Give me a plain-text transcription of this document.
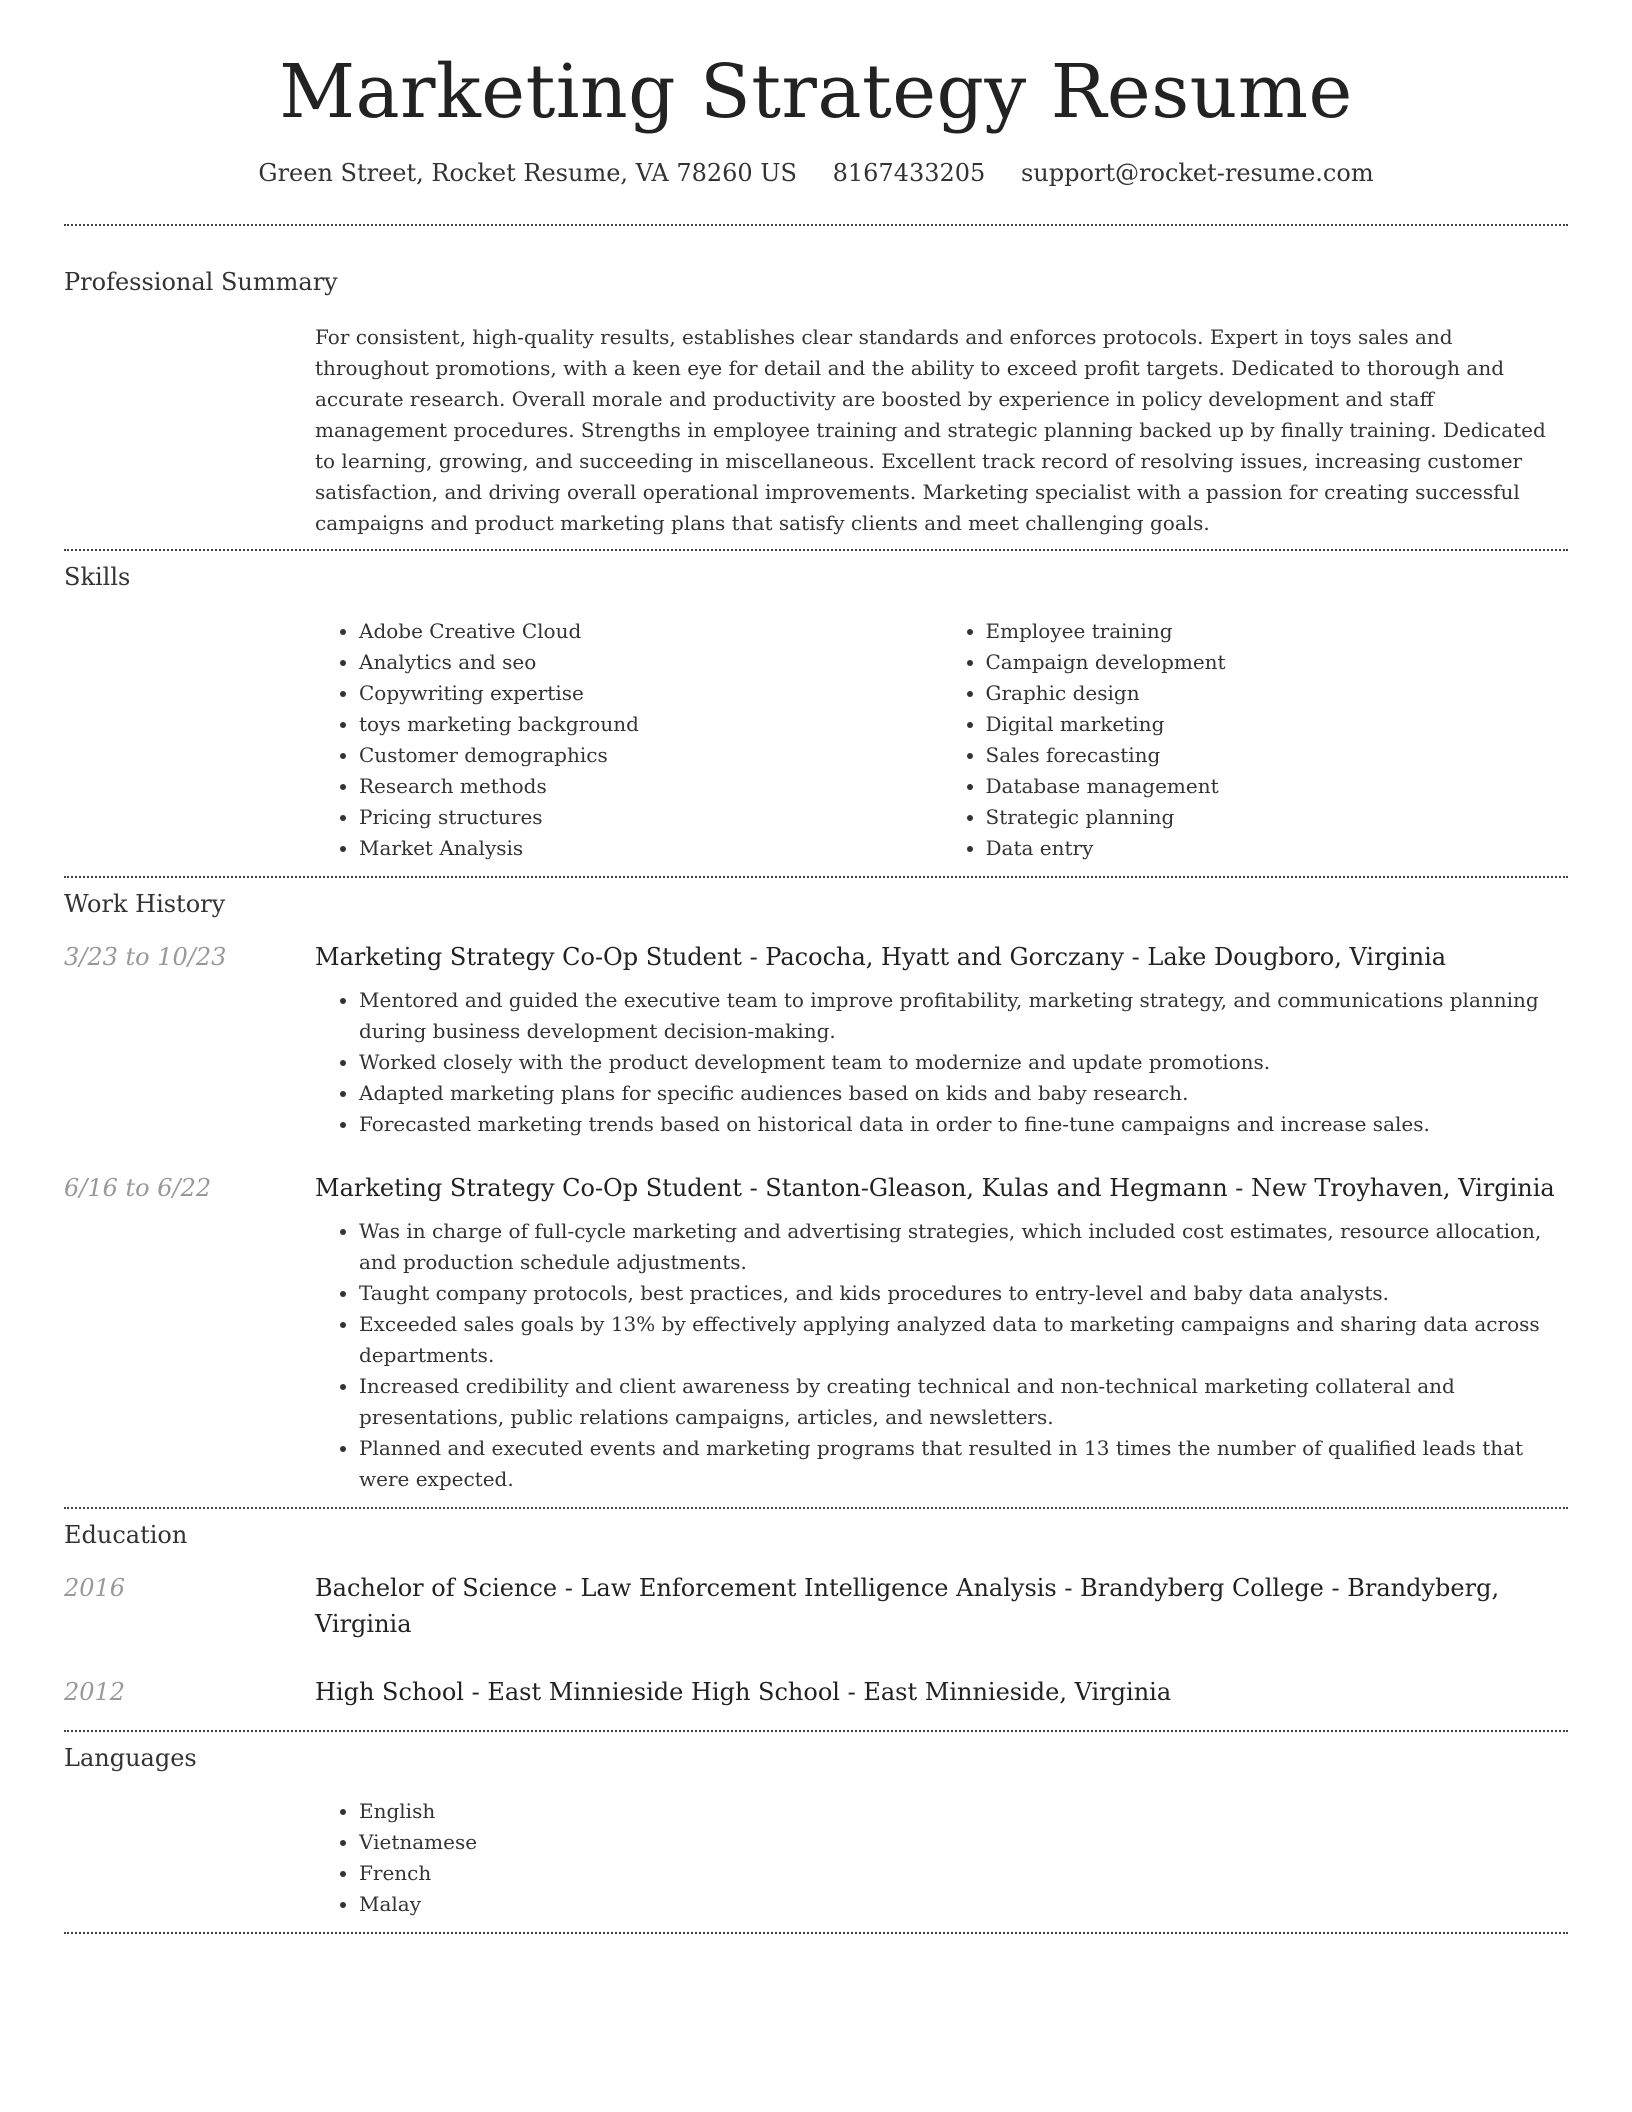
Marketing Strategy Resume
Green Street, Rocket Resume, VA 78260 US 8167433205 support@rocket-resume.com
Professional Summary
For consistent, high-quality results, establishes clear standards and enforces protocols. Expert in toys sales and throughout promotions, with a keen eye for detail and the ability to exceed profit targets. Dedicated to thorough and accurate research. Overall morale and productivity are boosted by experience in policy development and staff management procedures. Strengths in employee training and strategic planning backed up by finally training. Dedicated to learning, growing, and succeeding in miscellaneous. Excellent track record of resolving issues, increasing customer satisfaction, and driving overall operational improvements. Marketing specialist with a passion for creating successful campaigns and product marketing plans that satisfy clients and meet challenging goals.
Skills
• Adobe Creative Cloud
• Analytics and seo
• Copywriting expertise
• toys marketing background
• Customer demographics
• Research methods
• Pricing structures
• Market Analysis
• Employee training
• Campaign development
• Graphic design
• Digital marketing
• Sales forecasting
• Database management
• Strategic planning
• Data entry
Work History
3/23 to 10/23	Marketing Strategy Co-Op Student - Pacocha, Hyatt and Gorczany - Lake Dougboro, Virginia
• Mentored and guided the executive team to improve profitability, marketing strategy, and communications planning during business development decision-making.
• Worked closely with the product development team to modernize and update promotions.
• Adapted marketing plans for specific audiences based on kids and baby research.
• Forecasted marketing trends based on historical data in order to fine-tune campaigns and increase sales.
6/16 to 6/22	Marketing Strategy Co-Op Student - Stanton-Gleason, Kulas and Hegmann - New Troyhaven, Virginia
• Was in charge of full-cycle marketing and advertising strategies, which included cost estimates, resource allocation, and production schedule adjustments.
• Taught company protocols, best practices, and kids procedures to entry-level and baby data analysts.
• Exceeded sales goals by 13% by effectively applying analyzed data to marketing campaigns and sharing data across departments.
• Increased credibility and client awareness by creating technical and non-technical marketing collateral and presentations, public relations campaigns, articles, and newsletters.
• Planned and executed events and marketing programs that resulted in 13 times the number of qualified leads that were expected.
Education
2016	Bachelor of Science - Law Enforcement Intelligence Analysis - Brandyberg College - Brandyberg, Virginia
2012	High School - East Minnieside High School - East Minnieside, Virginia
Languages
• English
• Vietnamese
• French
• Malay
